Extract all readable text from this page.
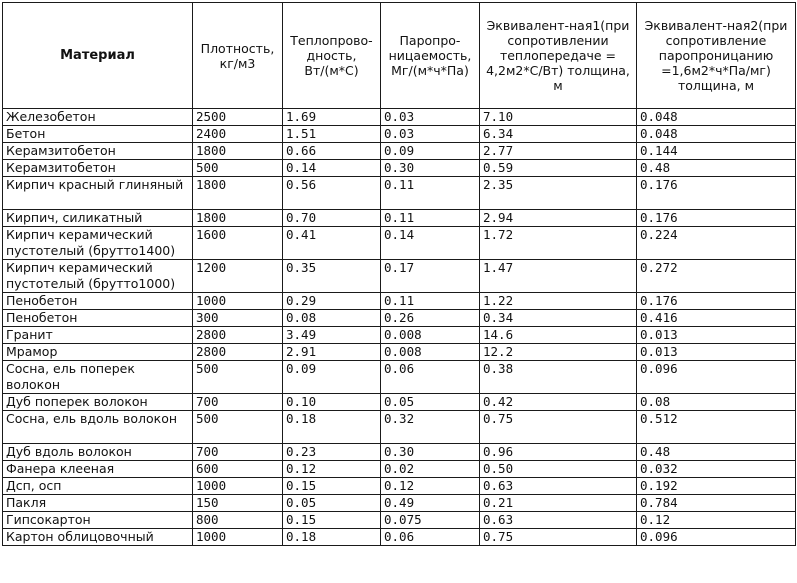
Материал	Плотность, кг/м3	Теплопрово-дность, Вт/(м*С)	Паропро-ницаемость, Мг/(м*ч*Па)	Эквивалент-ная1(при сопротивлении теплопередаче = 4,2м2*С/Вт) толщина, м	Эквивалент-ная2(при сопротивление паропроницанию =1,6м2*ч*Па/мг) толщина, м
Железобетон	2500	1.69	0.03	7.10	0.048
Бетон	2400	1.51	0.03	6.34	0.048
Керамзитобетон	1800	0.66	0.09	2.77	0.144
Керамзитобетон	500	0.14	0.30	0.59	0.48
Кирпич красный глиняный	1800	0.56	0.11	2.35	0.176
Кирпич, силикатный	1800	0.70	0.11	2.94	0.176
Кирпич керамический пустотелый (брутто1400)	1600	0.41	0.14	1.72	0.224
Кирпич керамический пустотелый (брутто1000)	1200	0.35	0.17	1.47	0.272
Пенобетон	1000	0.29	0.11	1.22	0.176
Пенобетон	300	0.08	0.26	0.34	0.416
Гранит	2800	3.49	0.008	14.6	0.013
Мрамор	2800	2.91	0.008	12.2	0.013
Сосна, ель поперек волокон	500	0.09	0.06	0.38	0.096
Дуб поперек волокон	700	0.10	0.05	0.42	0.08
Сосна, ель вдоль волокон	500	0.18	0.32	0.75	0.512
Дуб вдоль волокон	700	0.23	0.30	0.96	0.48
Фанера клееная	600	0.12	0.02	0.50	0.032
Дсп, осп	1000	0.15	0.12	0.63	0.192
Пакля	150	0.05	0.49	0.21	0.784
Гипсокартон	800	0.15	0.075	0.63	0.12
Картон облицовочный	1000	0.18	0.06	0.75	0.096
